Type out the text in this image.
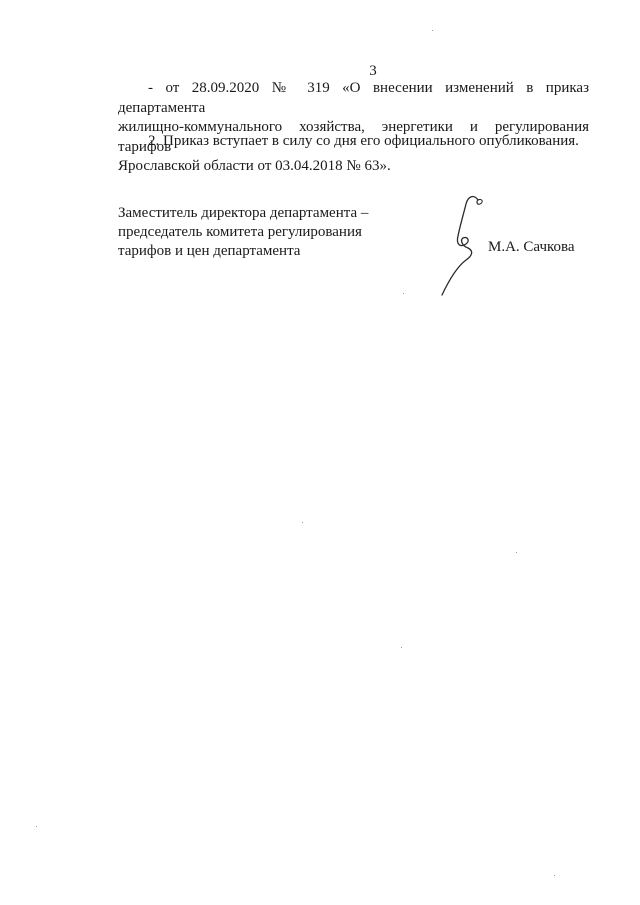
3
- от 28.09.2020 № 319 «О внесении изменений в приказ департамента
жилищно-коммунального хозяйства, энергетики и регулирования тарифов
Ярославской области от 03.04.2018 № 63».
2. Приказ вступает в силу со дня его официального опубликования.
Заместитель директора департамента –
председатель комитета регулирования
тарифов и цен департамента	М.А. Сачкова
